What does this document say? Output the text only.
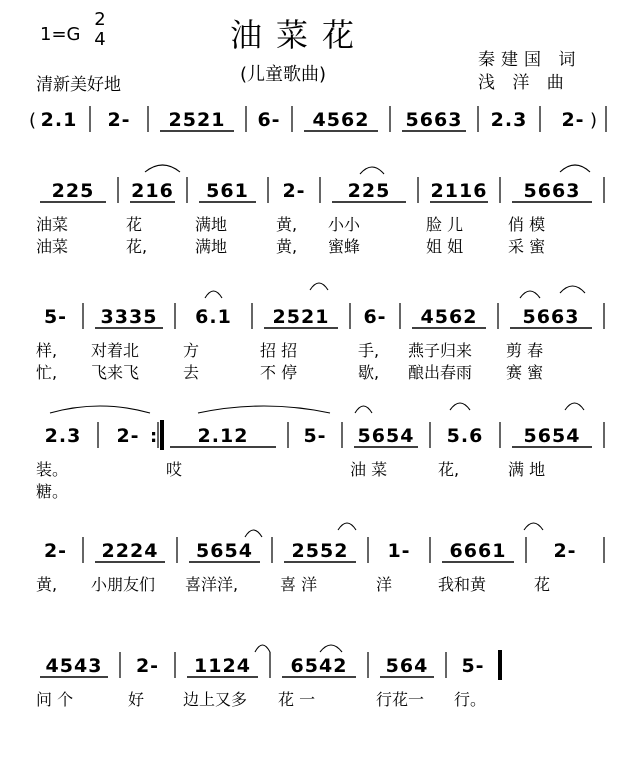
油菜花
(儿童歌曲)
1=G
2
4
清新美好地
秦建国 词
浅 洋 曲
2.1 2- 2521 6- 4562 5663 2.3 2-
(	)
225
油菜
油菜
216
花
花,
561
满地
满地
2-
黄,
黄,
225
小小
蜜蜂
2116
脸 儿
姐 姐
5663
俏 模
采 蜜
5-
样,
忙,
3335
对着北
飞来飞
6.1
方
去
2521
招 招
不 停
6-
手,
歇,
4562
燕子归来
酿出春雨
5663
剪 春
赛 蜜
2.3
装。
糖。
2-	2.12
哎
5- 5654
油 菜
5.6
花,
5654
满 地
:
2-
黄,
2224
小朋友们
5654
喜洋洋,
2552
喜 洋
1-
洋
6661
我和黄
2-
花
4543
问 个
2-
好
1124
边上又多
6542
花 一
564
行花一
5-
行。
